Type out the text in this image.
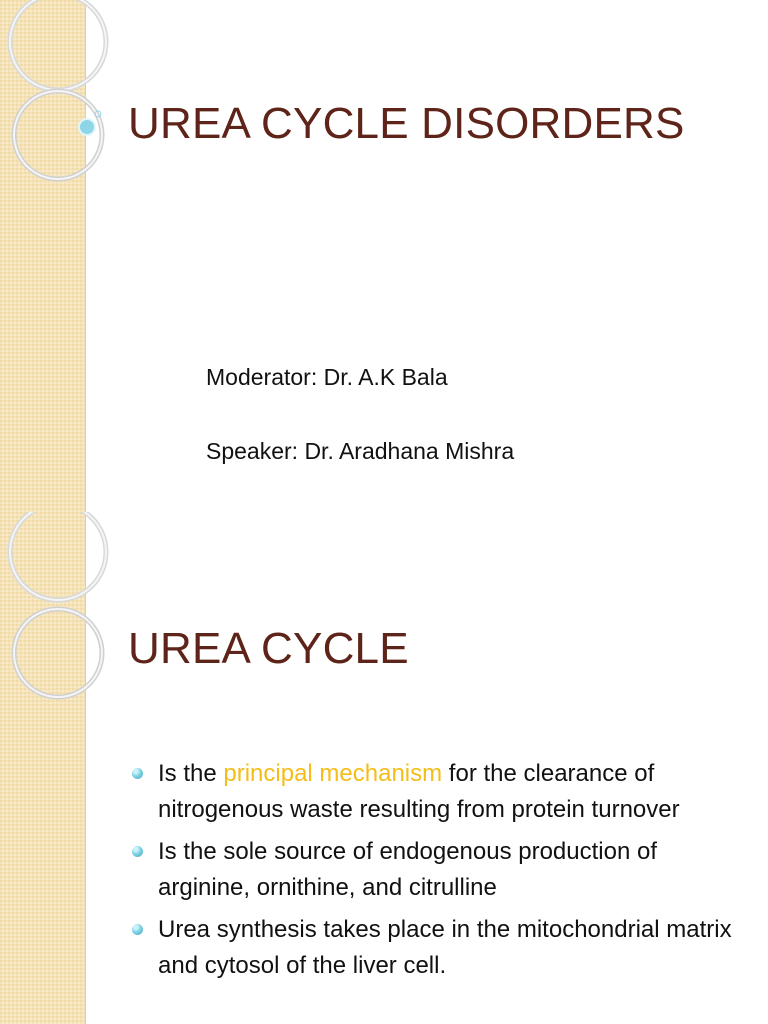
UREA CYCLE DISORDERS
Moderator: Dr. A.K Bala
Speaker: Dr. Aradhana Mishra
UREA CYCLE
Is the principal mechanism for the clearance of nitrogenous waste resulting from protein turnover
Is the sole source of endogenous production of arginine, ornithine, and citrulline
Urea synthesis takes place in the mitochondrial matrix and cytosol of the liver cell.
